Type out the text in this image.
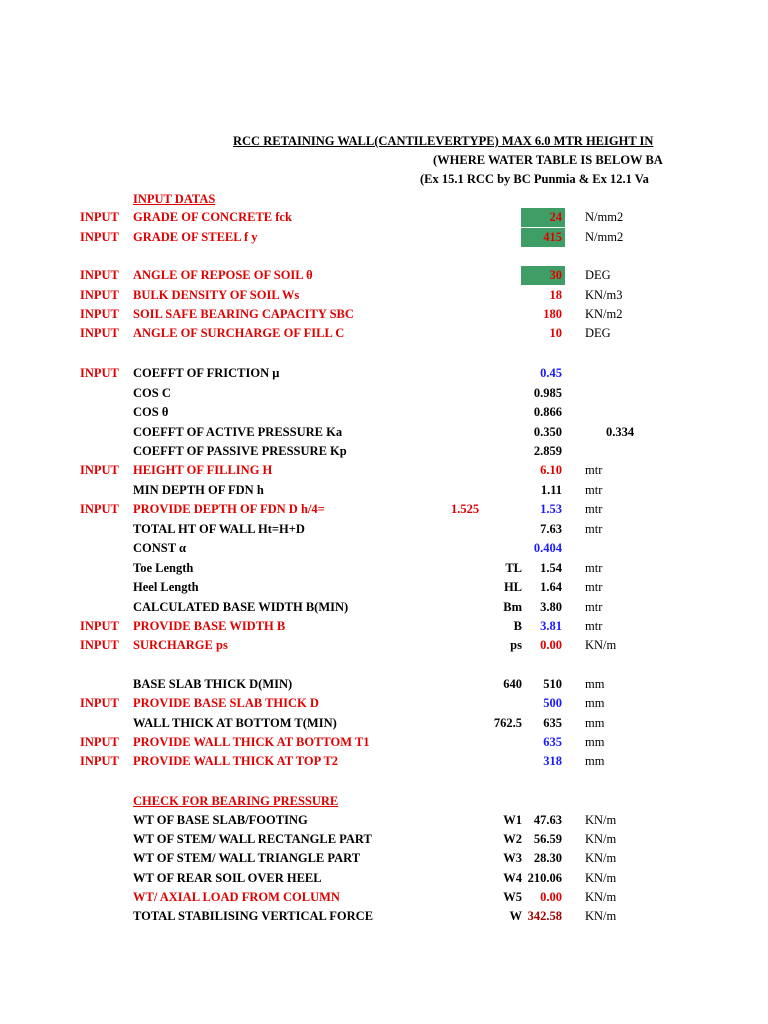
RCC RETAINING WALL(CANTILEVERTYPE) MAX 6.0 MTR HEIGHT IN
(WHERE WATER TABLE IS BELOW BA
(Ex 15.1 RCC by BC Punmia & Ex 12.1 Va
INPUT DATAS
INPUT GRADE OF CONCRETE fck	24 N/mm2
INPUT GRADE OF STEEL f y	415 N/mm2
INPUT ANGLE OF REPOSE OF SOIL θ	30 DEG
INPUT BULK DENSITY OF SOIL Ws	18 KN/m3
INPUT SOIL SAFE BEARING CAPACITY SBC	180 KN/m2
INPUT ANGLE OF SURCHARGE OF FILL C	10 DEG
INPUT COEFFT OF FRICTION μ	0.45
COS C	0.985
COS θ	0.866
COEFFT OF ACTIVE PRESSURE Ka	0.350	0.334
COEFFT OF PASSIVE PRESSURE Kp	2.859
INPUT HEIGHT OF FILLING H	6.10 mtr
MIN DEPTH OF FDN h	1.11 mtr
INPUT PROVIDE DEPTH OF FDN D h/4=	1.525	1.53 mtr
TOTAL HT OF WALL Ht=H+D	7.63 mtr
CONST α	0.404
Toe Length	TL	1.54 mtr
Heel Length	HL	1.64 mtr
CALCULATED BASE WIDTH B(MIN)	Bm	3.80 mtr
INPUT PROVIDE BASE WIDTH B	B	3.81 mtr
INPUT SURCHARGE ps	ps	0.00 KN/m
BASE SLAB THICK D(MIN)	640	510 mm
INPUT PROVIDE BASE SLAB THICK D	500 mm
WALL THICK AT BOTTOM T(MIN)	762.5	635 mm
INPUT PROVIDE WALL THICK AT BOTTOM T1	635 mm
INPUT PROVIDE WALL THICK AT TOP T2	318 mm
CHECK FOR BEARING PRESSURE
WT OF BASE SLAB/FOOTING	W1 47.63 KN/m
WT OF STEM/ WALL RECTANGLE PART	W2 56.59 KN/m
WT OF STEM/ WALL TRIANGLE PART	W3 28.30 KN/m
WT OF REAR SOIL OVER HEEL	W4 210.06 KN/m
WT/ AXIAL LOAD FROM COLUMN	W5	0.00 KN/m
TOTAL STABILISING VERTICAL FORCE	W 342.58 KN/m
